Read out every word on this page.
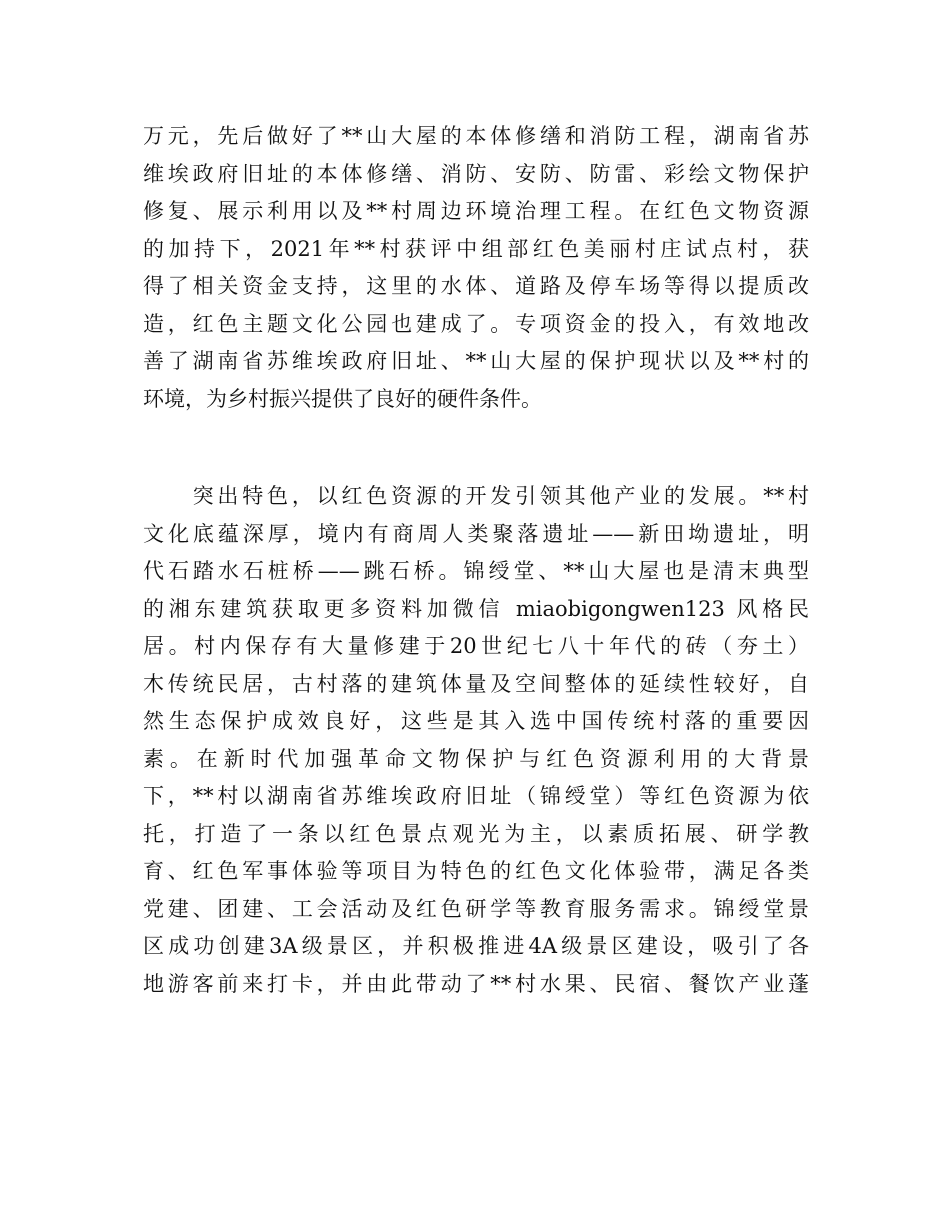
万元，先后做好了**山大屋的本体修缮和消防工程，湖南省苏
维埃政府旧址的本体修缮、消防、安防、防雷、彩绘文物保护
修复、展示利用以及**村周边环境治理工程。在红色文物资源
的加持下，2021年**村获评中组部红色美丽村庄试点村，获
得了相关资金支持，这里的水体、道路及停车场等得以提质改
造，红色主题文化公园也建成了。专项资金的投入，有效地改
善了湖南省苏维埃政府旧址、**山大屋的保护现状以及**村的
环境，为乡村振兴提供了良好的硬件条件。
　　突出特色，以红色资源的开发引领其他产业的发展。**村
文化底蕴深厚，境内有商周人类聚落遗址——新田坳遗址，明
代石踏水石桩桥——跳石桥。锦绶堂、**山大屋也是清末典型
的湘东建筑获取更多资料加微信 miaobigongwen123 风格民
居。村内保存有大量修建于20世纪七八十年代的砖（夯土）
木传统民居，古村落的建筑体量及空间整体的延续性较好，自
然生态保护成效良好，这些是其入选中国传统村落的重要因
素。在新时代加强革命文物保护与红色资源利用的大背景
下，**村以湖南省苏维埃政府旧址（锦绶堂）等红色资源为依
托，打造了一条以红色景点观光为主，以素质拓展、研学教
育、红色军事体验等项目为特色的红色文化体验带，满足各类
党建、团建、工会活动及红色研学等教育服务需求。锦绶堂景
区成功创建3A级景区，并积极推进4A级景区建设，吸引了各
地游客前来打卡，并由此带动了**村水果、民宿、餐饮产业蓬
